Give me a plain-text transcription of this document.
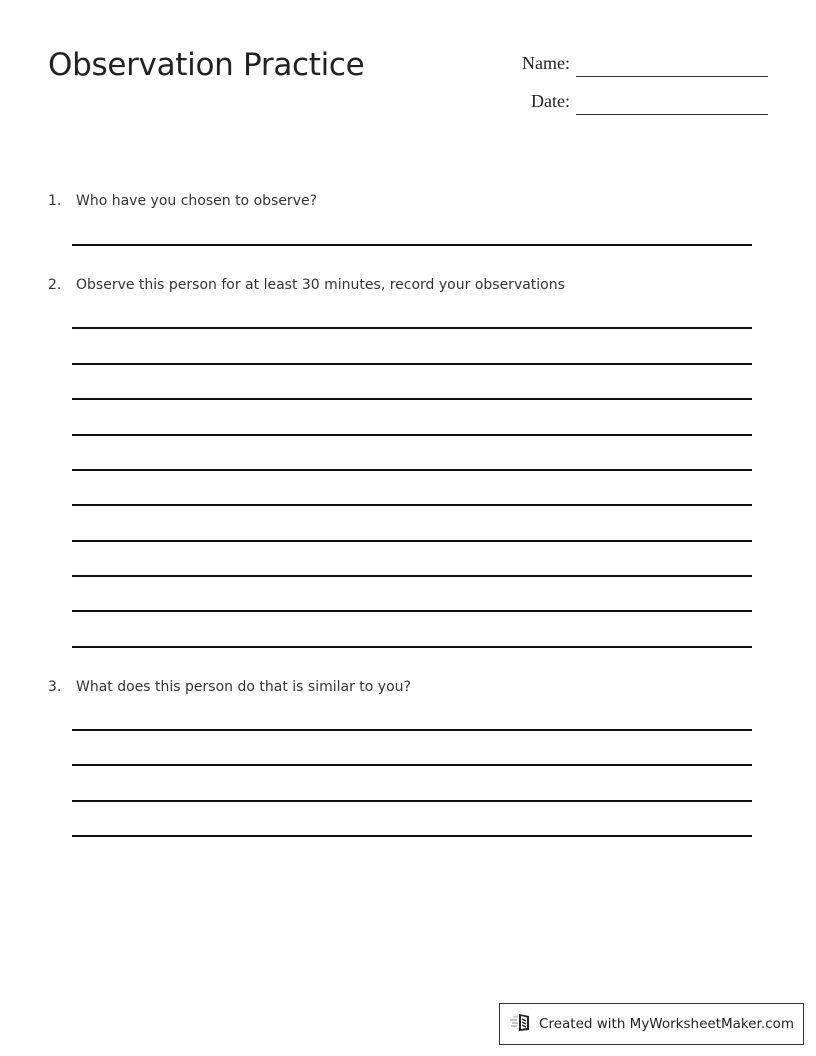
Observation Practice	Name:
Date:
1. Who have you chosen to observe?
2. Observe this person for at least 30 minutes, record your observations
3. What does this person do that is similar to you?
Created with MyWorksheetMaker.com
